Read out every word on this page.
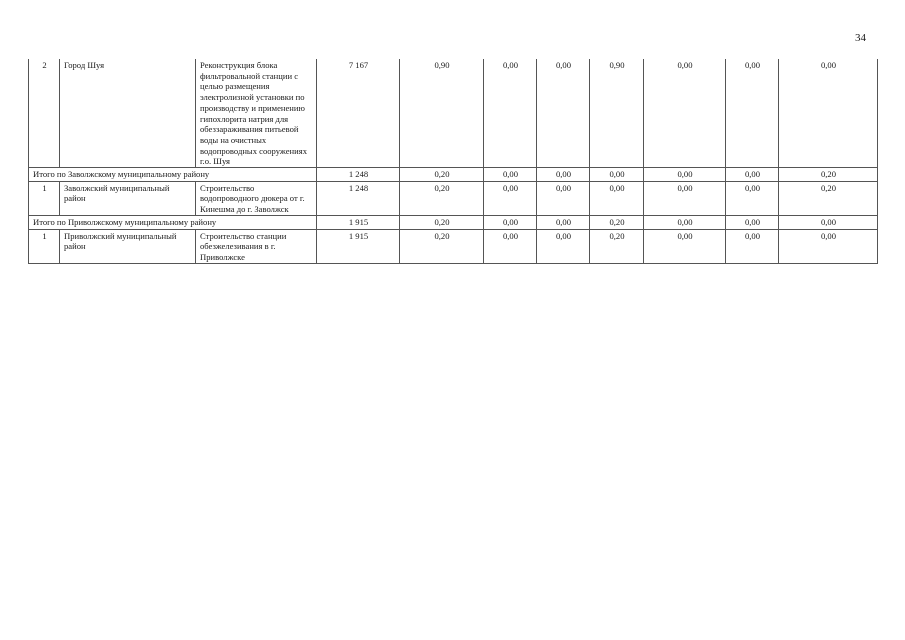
34
2	Город Шуя	Реконструкция блока фильтровальной станции с целью размещения электролизной установки по производству и применению гипохлорита натрия для обеззараживания питьевой воды на очистных водопроводных сооружениях г.о. Шуя	7 167	0,90	0,00	0,00	0,90	0,00	0,00	0,00
Итого по Заволжскому муниципальному району			1 248	0,20	0,00	0,00	0,00	0,00	0,00	0,20
1	Заволжский муниципальный район	Строительство водопроводного дюкера от г. Кинешма до г. Заволжск	1 248	0,20	0,00	0,00	0,00	0,00	0,00	0,20
Итого по Приволжскому муниципальному району			1 915	0,20	0,00	0,00	0,20	0,00	0,00	0,00
1	Приволжский муниципальный район	Строительство станции обезжелезивания в г. Приволжске	1 915	0,20	0,00	0,00	0,20	0,00	0,00	0,00
